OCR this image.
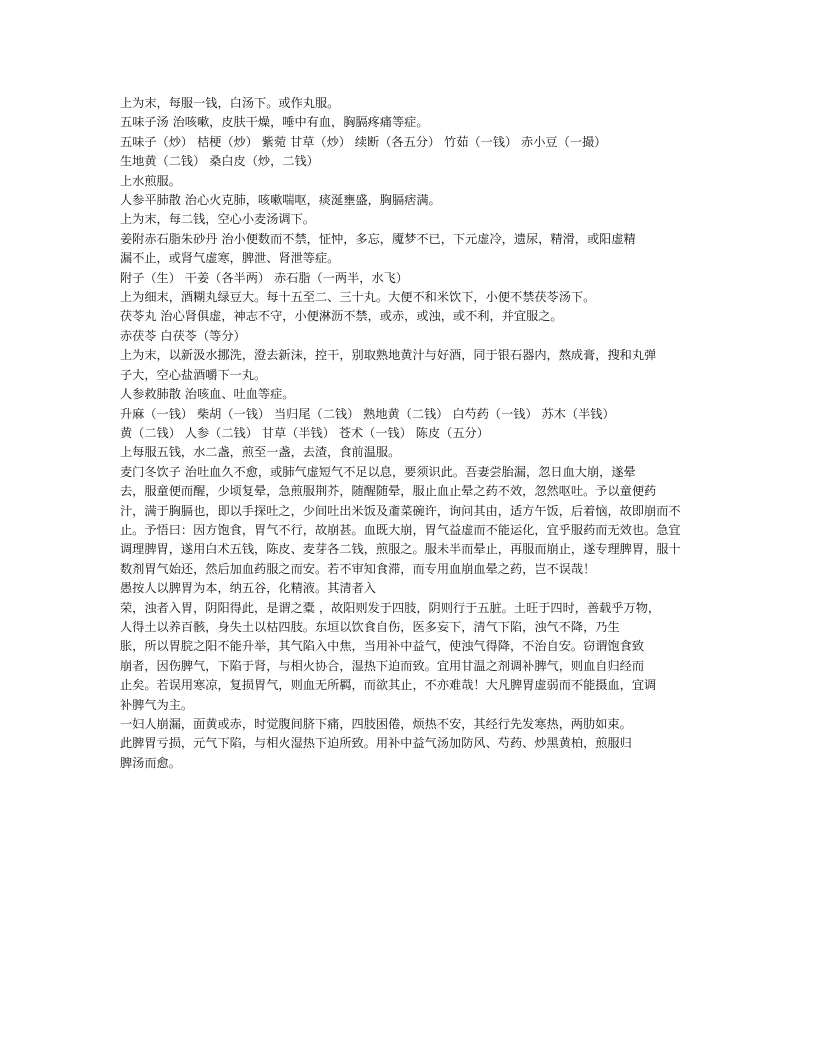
上为末，每服一钱，白汤下。或作丸服。
五味子汤 治咳嗽，皮肤干燥，唾中有血，胸膈疼痛等症。
五味子（炒） 桔梗（炒） 紫菀 甘草（炒） 续断（各五分） 竹茹（一钱） 赤小豆（一撮）
生地黄（二钱） 桑白皮（炒，二钱）
上水煎服。
人参平肺散 治心火克肺，咳嗽喘呕，痰涎壅盛，胸膈痞满。
上为末，每二钱，空心小麦汤调下。
姜附赤石脂朱砂丹 治小便数而不禁，怔忡，多忘，魇梦不已，下元虚冷，遗尿，精滑，或阳虚精
漏不止，或肾气虚寒，脾泄、肾泄等症。
附子（生） 干姜（各半两） 赤石脂（一两半，水飞）
上为细末，酒糊丸绿豆大。每十五至二、三十丸。大便不和米饮下，小便不禁茯苓汤下。
茯苓丸 治心肾俱虚，神志不守，小便淋沥不禁，或赤，或浊，或不利，并宜服之。
赤茯苓 白茯苓（等分）
上为末，以新汲水挪洗，澄去新沫，控干，别取熟地黄汁与好酒，同于银石器内，熬成膏，搜和丸弹
子大，空心盐酒嚼下一丸。
人参救肺散 治咳血、吐血等症。
升麻（一钱） 柴胡（一钱） 当归尾（二钱） 熟地黄（二钱） 白芍药（一钱） 苏木（半钱）
黄（二钱） 人参（二钱） 甘草（半钱） 苍术（一钱） 陈皮（五分）
上每服五钱，水二盏，煎至一盏，去渣，食前温服。
麦门冬饮子 治吐血久不愈，或肺气虚短气不足以息，要须识此。吾妻尝胎漏，忽日血大崩，遂晕
去，服童便而醒，少顷复晕，急煎服荆芥，随醒随晕，服止血止晕之药不效，忽然呕吐。予以童便药
汁，满于胸膈也，即以手探吐之，少间吐出米饭及齑菜碗许，询问其由，适方午饭，后着恼，故即崩而不
止。予悟曰：因方饱食，胃气不行，故崩甚。血既大崩，胃气益虚而不能运化，宜乎服药而无效也。急宜
调理脾胃，遂用白术五钱，陈皮、麦芽各二钱，煎服之。服未半而晕止，再服而崩止，遂专理脾胃，服十
数剂胃气始还，然后加血药服之而安。若不审知食滞，而专用血崩血晕之药，岂不误哉！
愚按人以脾胃为本，纳五谷，化精液。其清者入
荣，浊者入胃，阴阳得此，是谓之橐 ，故阳则发于四肢，阴则行于五脏。土旺于四时，善载乎万物，
人得土以养百骸，身失土以枯四肢。东垣以饮食自伤，医多妄下，清气下陷，浊气不降，乃生
胀，所以胃脘之阳不能升举，其气陷入中焦，当用补中益气，使浊气得降，不治自安。窃谓饱食致
崩者，因伤脾气，下陷于肾，与相火协合，湿热下迫而致。宜用甘温之剂调补脾气，则血自归经而
止矣。若误用寒凉，复损胃气，则血无所羁，而欲其止，不亦难哉！大凡脾胃虚弱而不能摄血，宜调
补脾气为主。
一妇人崩漏，面黄或赤，时觉腹间脐下痛，四肢困倦，烦热不安，其经行先发寒热，两肋如束。
此脾胃亏损，元气下陷，与相火湿热下迫所致。用补中益气汤加防风、芍药、炒黑黄柏，煎服归
脾汤而愈。
